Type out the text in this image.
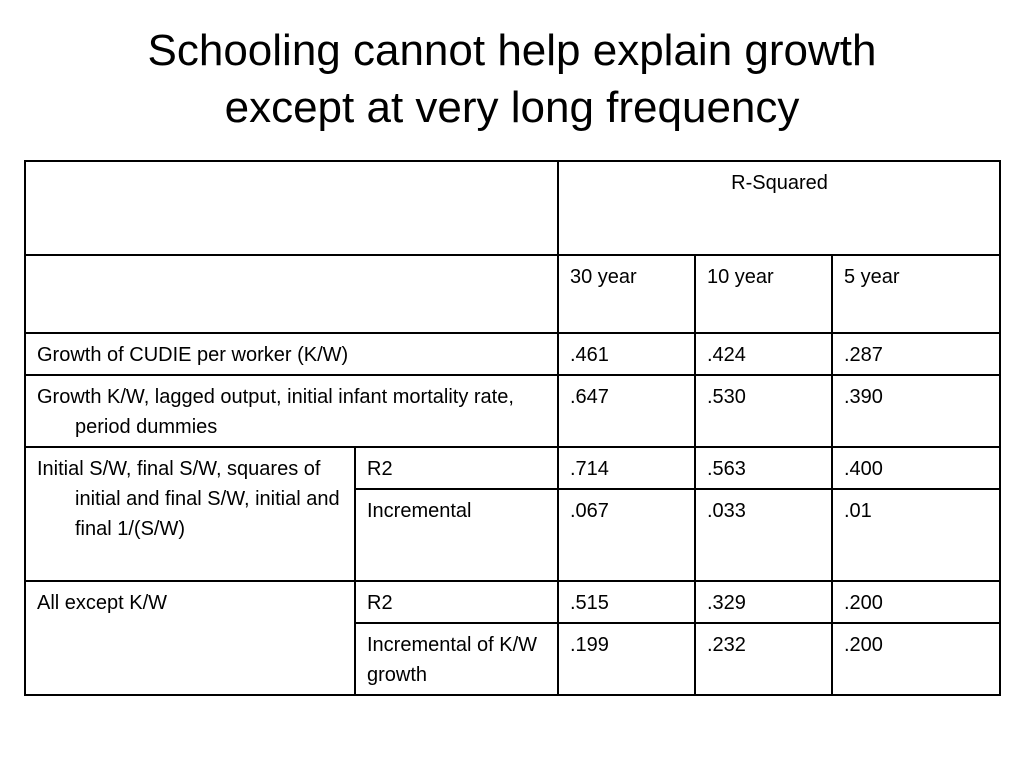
Schooling cannot help explain growth
except at very long frequency
		R-Squared		
		30 year	10 year	5 year

Growth of CUDIE per worker (K/W)		.461	.424	.287

Growth K/W, lagged output, initial infant mortality rate, period dummies		.647	.530	.390

Initial S/W, final S/W, squares of initial and final S/W, initial and final 1/(S/W)	R2	.714	.563	.400
	Incremental	.067	.033	.01

All except K/W	R2	.515	.329	.200
	Incremental of K/W growth	.199	.232	.200
